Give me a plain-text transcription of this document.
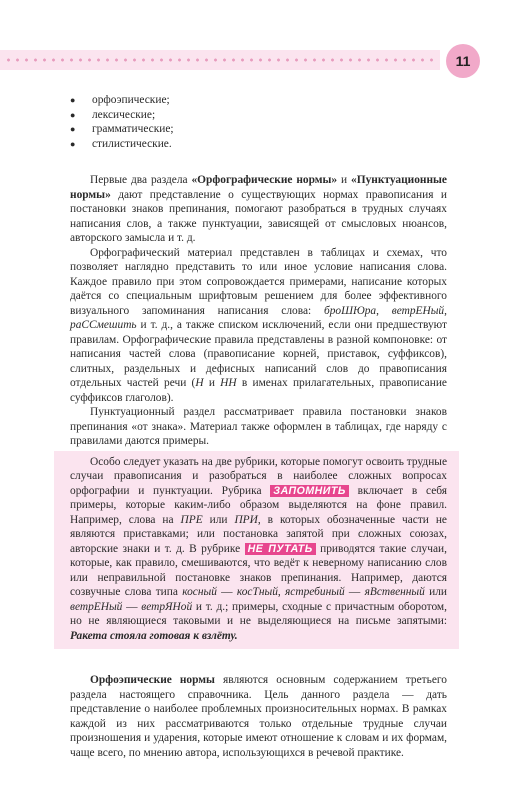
11
●	орфоэпические;
●	лексические;
●	грамматические;
●	стилистические.

Первые два раздела «Орфографические нормы» и «Пунктуационные нормы» дают представление о существующих нормах правописания и постановки знаков препинания, помогают разобраться в трудных случаях написания слов, а также пунктуации, зависящей от смысловых нюансов, авторского замысла и т. д.

Орфографический материал представлен в таблицах и схемах, что позволяет наглядно представить то или иное условие написания слова. Каждое правило при этом сопровождается примерами, написание которых даётся со специальным шрифтовым решением для более эффективного визуального запоминания написания слова: броШЮра, ветрЕНый, раССмешить и т. д., а также списком исключений, если они предшествуют правилам. Орфографические правила представлены в разной компоновке: от написания частей слова (правописание корней, приставок, суффиксов), слитных, раздельных и дефисных написаний слов до правописания отдельных частей речи (Н и НН в именах прилагательных, правописание суффиксов глаголов).

Пунктуационный раздел рассматривает правила постановки знаков препинания «от знака». Материал также оформлен в таблицах, где наряду с правилами даются примеры.

Особо следует указать на две рубрики, которые помогут освоить трудные случаи правописания и разобраться в наиболее сложных вопросах орфографии и пунктуации. Рубрика ЗАПОМНИТЬ включает в себя примеры, которые каким-либо образом выделяются на фоне правил. Например, слова на ПРЕ или ПРИ, в которых обозначенные части не являются приставками; или постановка запятой при сложных союзах, авторские знаки и т. д. В рубрике НЕ ПУТАТЬ приводятся такие случаи, которые, как правило, смешиваются, что ведёт к неверному написанию слов или неправильной постановке знаков препинания. Например, даются созвучные слова типа косный — косТный, ястребиный — яВственный или ветрЕНый — ветрЯНой и т. д.; примеры, сходные с причастным оборотом, но не являющиеся таковыми и не выделяющиеся на письме запятыми: Ракета стояла готовая к взлёту.

Орфоэпические нормы являются основным содержанием третьего раздела настоящего справочника. Цель данного раздела — дать представление о наиболее проблемных произносительных нормах. В рамках каждой из них рассматриваются только отдельные трудные случаи произношения и ударения, которые имеют отношение к словам и их формам, чаще всего, по мнению автора, использующихся в речевой практике.
